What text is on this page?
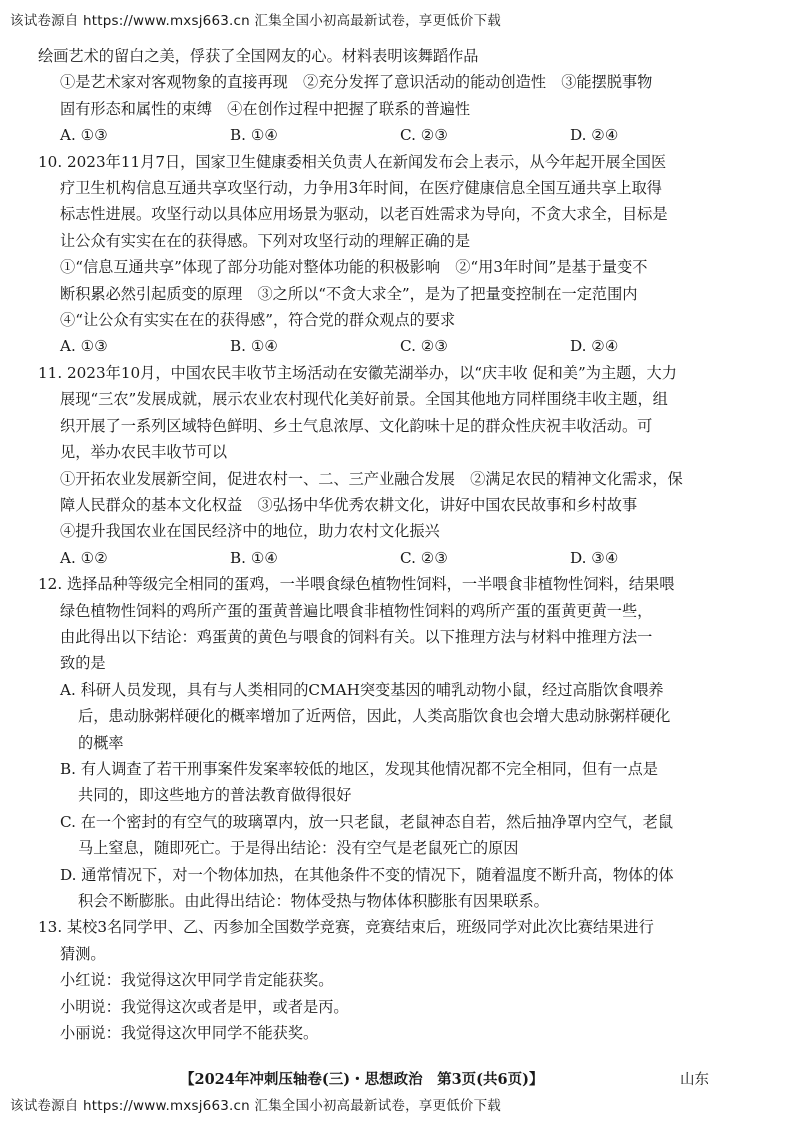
该试卷源自 https://www.mxsj663.cn 汇集全国小初高最新试卷，享更低价下载

绘画艺术的留白之美，俘获了全国网友的心。材料表明该舞蹈作品

①是艺术家对客观物象的直接再现　②充分发挥了意识活动的能动创造性　③能摆脱事物

固有形态和属性的束缚　④在创作过程中把握了联系的普遍性

A. ①③	B. ①④	C. ②③	D. ②④

10. 2023年11月7日，国家卫生健康委相关负责人在新闻发布会上表示，从今年起开展全国医

疗卫生机构信息互通共享攻坚行动，力争用3年时间，在医疗健康信息全国互通共享上取得

标志性进展。攻坚行动以具体应用场景为驱动，以老百姓需求为导向，不贪大求全，目标是

让公众有实实在在的获得感。下列对攻坚行动的理解正确的是

①“信息互通共享”体现了部分功能对整体功能的积极影响　②“用3年时间”是基于量变不

断积累必然引起质变的原理　③之所以“不贪大求全”，是为了把量变控制在一定范围内

④“让公众有实实在在的获得感”，符合党的群众观点的要求

A. ①③	B. ①④	C. ②③	D. ②④

11. 2023年10月，中国农民丰收节主场活动在安徽芜湖举办，以“庆丰收 促和美”为主题，大力

展现“三农”发展成就，展示农业农村现代化美好前景。全国其他地方同样围绕丰收主题，组

织开展了一系列区域特色鲜明、乡土气息浓厚、文化韵味十足的群众性庆祝丰收活动。可

见，举办农民丰收节可以

①开拓农业发展新空间，促进农村一、二、三产业融合发展　②满足农民的精神文化需求，保

障人民群众的基本文化权益　③弘扬中华优秀农耕文化，讲好中国农民故事和乡村故事

④提升我国农业在国民经济中的地位，助力农村文化振兴

A. ①②	B. ①④	C. ②③	D. ③④

12. 选择品种等级完全相同的蛋鸡，一半喂食绿色植物性饲料，一半喂食非植物性饲料，结果喂

绿色植物性饲料的鸡所产蛋的蛋黄普遍比喂食非植物性饲料的鸡所产蛋的蛋黄更黄一些，

由此得出以下结论：鸡蛋黄的黄色与喂食的饲料有关。以下推理方法与材料中推理方法一

致的是

A. 科研人员发现，具有与人类相同的CMAH突变基因的哺乳动物小鼠，经过高脂饮食喂养

后，患动脉粥样硬化的概率增加了近两倍，因此，人类高脂饮食也会增大患动脉粥样硬化

的概率

B. 有人调查了若干刑事案件发案率较低的地区，发现其他情况都不完全相同，但有一点是

共同的，即这些地方的普法教育做得很好

C. 在一个密封的有空气的玻璃罩内，放一只老鼠，老鼠神态自若，然后抽净罩内空气，老鼠

马上窒息，随即死亡。于是得出结论：没有空气是老鼠死亡的原因

D. 通常情况下，对一个物体加热，在其他条件不变的情况下，随着温度不断升高，物体的体

积会不断膨胀。由此得出结论：物体受热与物体体积膨胀有因果联系。

13. 某校3名同学甲、乙、丙参加全国数学竞赛，竞赛结束后，班级同学对此次比赛结果进行

猜测。

小红说：我觉得这次甲同学肯定能获奖。

小明说：我觉得这次或者是甲，或者是丙。

小丽说：我觉得这次甲同学不能获奖。

【2024年冲刺压轴卷(三)・思想政治　第3页(共6页)】	山东
该试卷源自 https://www.mxsj663.cn 汇集全国小初高最新试卷，享更低价下载
